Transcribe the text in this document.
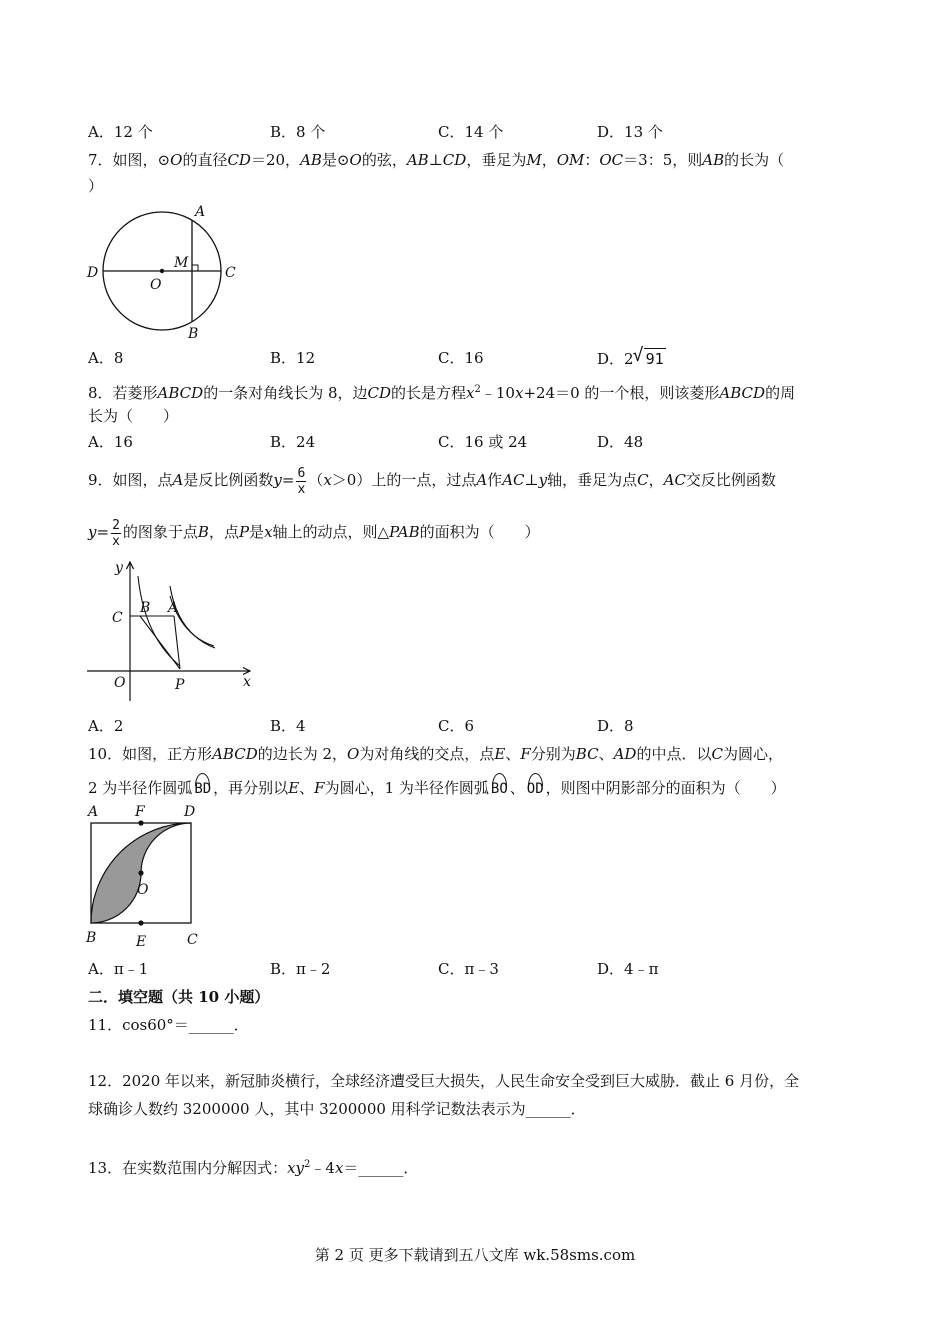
A．12 个	B．8 个	C．14 个	D．13 个
7．如图，⊙O的直径CD＝20，AB是⊙O的弦，AB⊥CD，垂足为M，OM：OC＝3：5，则AB的长为（
）
A
D	C
M
O
B
A．8	B．12	C．16	D．2 √ 91
8．若菱形ABCD的一条对角线长为 8，边CD的长是方程$x^2﹣10x+24=0$ 的一个根，则该菱形ABCD的周
长为（　　）
A．16	B．24	C．16 或 24	D．48
9．如图，点A是反比例函数$y= \frac{6}{x} (x>0)$上的一点，过点A作AC⊥y轴，垂足为点C，AC交反比例函数
$y= \frac{2}{x}$ 的图象于点B，点P是x轴上的动点，则△PAB的面积为（　　）
y
x
C
B A
O	P
A．2	B．4	C．6	D．8
10．如图，正方形ABCD的边长为 2，O为对角线的交点，点E、F分别为BC、AD的中点．以C为圆心，
2 为半径作圆弧 BD ，再分别以E、F为圆心，1 为半径作圆弧 BO 、 OD ，则图中阴影部分的面积为（　　）
A	F	D
O
B	E	C
A．π﹣1	B．π﹣2	C．π﹣3	D．4﹣π
二．填空题（共 10 小题）
11．cos60°＝______．
12．2020 年以来，新冠肺炎横行，全球经济遭受巨大损失，人民生命安全受到巨大威胁．截止 6 月份，全
球确诊人数约 3200000 人，其中 3200000 用科学记数法表示为______．
13．在实数范围内分解因式：$xy^2﹣4x=\_\_\_\_\_\_$．
第 2 页 更多下载请到五八文库 wk.58sms.com
